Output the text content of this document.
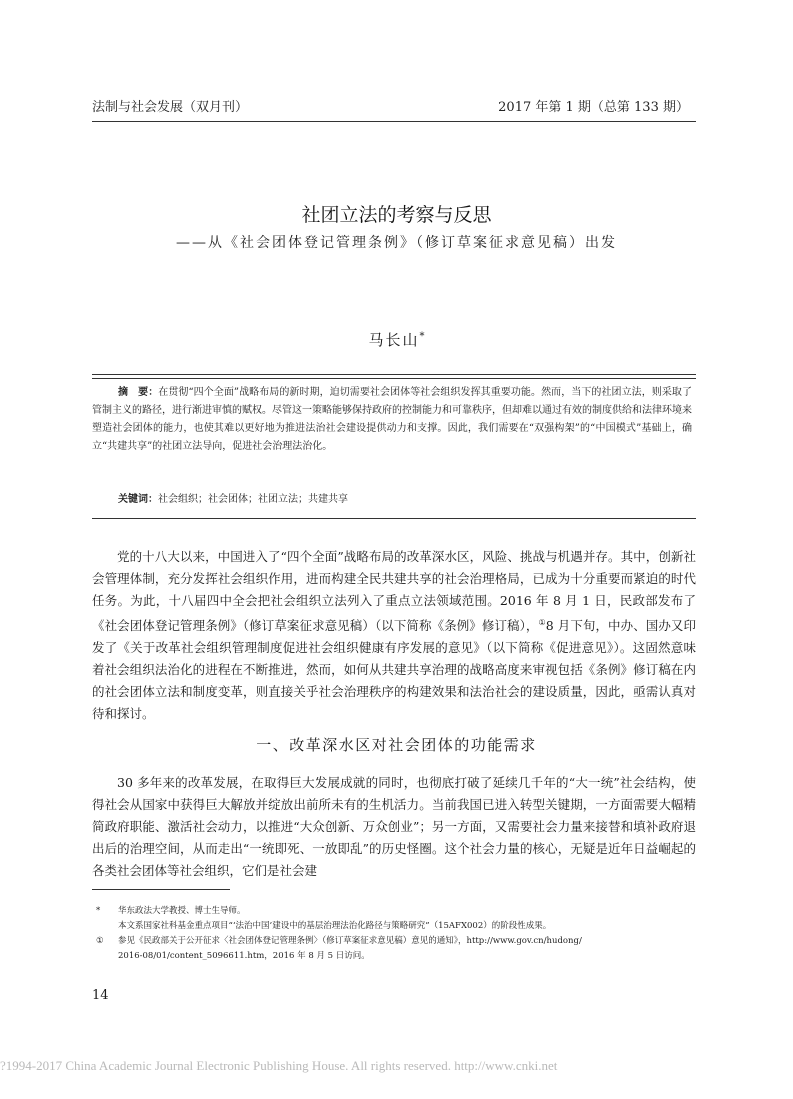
法制与社会发展（双月刊）	2017 年第 1 期（总第 133 期）
社团立法的考察与反思
——从《社会团体登记管理条例》（修订草案征求意见稿）出发
马长山*
摘　要：在贯彻“四个全面”战略布局的新时期，迫切需要社会团体等社会组织发挥其重要功能。然而，当下的社团立法，则采取了管制主义的路径，进行渐进审慎的赋权。尽管这一策略能够保持政府的控制能力和可靠秩序，但却难以通过有效的制度供给和法律环境来塑造社会团体的能力，也使其难以更好地为推进法治社会建设提供动力和支撑。因此，我们需要在“双强构架”的“中国模式”基础上，确立“共建共享”的社团立法导向，促进社会治理法治化。
关键词：社会组织；社会团体；社团立法；共建共享

党的十八大以来，中国进入了“四个全面”战略布局的改革深水区，风险、挑战与机遇并存。其中，创新社会管理体制，充分发挥社会组织作用，进而构建全民共建共享的社会治理格局，已成为十分重要而紧迫的时代任务。为此，十八届四中全会把社会组织立法列入了重点立法领域范围。2016 年 8 月 1 日，民政部发布了《社会团体登记管理条例》（修订草案征求意见稿）（以下简称《条例》修订稿），①8 月下旬，中办、国办又印发了《关于改革社会组织管理制度促进社会组织健康有序发展的意见》（以下简称《促进意见》）。这固然意味着社会组织法治化的进程在不断推进，然而，如何从共建共享治理的战略高度来审视包括《条例》修订稿在内的社会团体立法和制度变革，则直接关乎社会治理秩序的构建效果和法治社会的建设质量，因此，亟需认真对待和探讨。

一、改革深水区对社会团体的功能需求

30 多年来的改革发展，在取得巨大发展成就的同时，也彻底打破了延续几千年的“大一统”社会结构，使得社会从国家中获得巨大解放并绽放出前所未有的生机活力。当前我国已进入转型关键期，一方面需要大幅精简政府职能、激活社会动力，以推进“大众创新、万众创业”；另一方面，又需要社会力量来接替和填补政府退出后的治理空间，从而走出“一统即死、一放即乱”的历史怪圈。这个社会力量的核心，无疑是近年日益崛起的各类社会团体等社会组织，它们是社会建

* 华东政法大学教授、博士生导师。
本文系国家社科基金重点项目“‘法治中国’建设中的基层治理法治化路径与策略研究”（15AFX002）的阶段性成果。
① 参见《民政部关于公开征求〈社会团体登记管理条例〉（修订草案征求意见稿）意见的通知》，http://www.gov.cn/hudong/
2016-08/01/content_5096611.htm，2016 年 8 月 5 日访问。
14
?1994-2017 China Academic Journal Electronic Publishing House. All rights reserved. http://www.cnki.net
